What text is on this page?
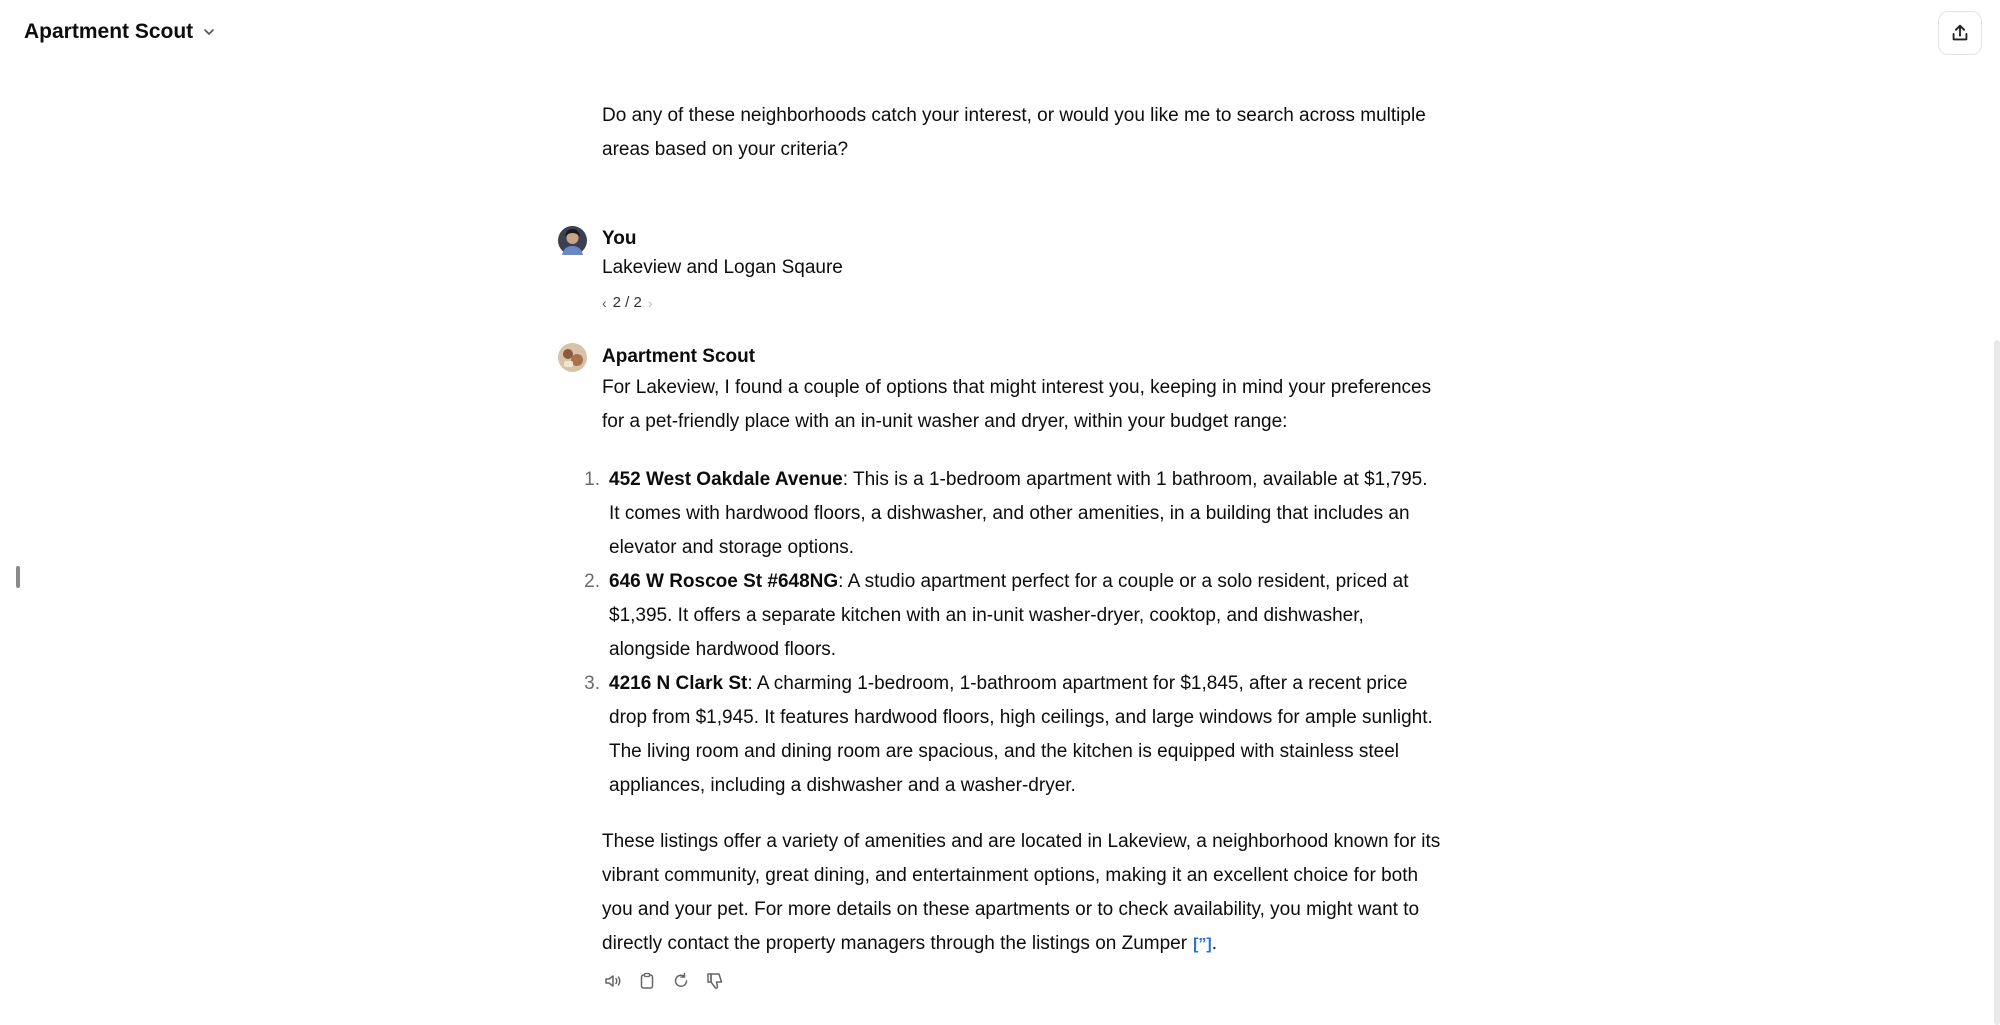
Apartment Scout
Do any of these neighborhoods catch your interest, or would you like me to search across multiple areas based on your criteria?
You
Lakeview and Logan Sqaure
‹ 2 / 2 ›
Apartment Scout
For Lakeview, I found a couple of options that might interest you, keeping in mind your preferences for a pet-friendly place with an in-unit washer and dryer, within your budget range:
1. 452 West Oakdale Avenue: This is a 1-bedroom apartment with 1 bathroom, available at $1,795. It comes with hardwood floors, a dishwasher, and other amenities, in a building that includes an elevator and storage options.
2. 646 W Roscoe St #648NG: A studio apartment perfect for a couple or a solo resident, priced at $1,395. It offers a separate kitchen with an in-unit washer-dryer, cooktop, and dishwasher, alongside hardwood floors.
3. 4216 N Clark St: A charming 1-bedroom, 1-bathroom apartment for $1,845, after a recent price drop from $1,945. It features hardwood floors, high ceilings, and large windows for ample sunlight. The living room and dining room are spacious, and the kitchen is equipped with stainless steel appliances, including a dishwasher and a washer-dryer.
These listings offer a variety of amenities and are located in Lakeview, a neighborhood known for its vibrant community, great dining, and entertainment options, making it an excellent choice for both you and your pet. For more details on these apartments or to check availability, you might want to directly contact the property managers through the listings on Zumper [”].
